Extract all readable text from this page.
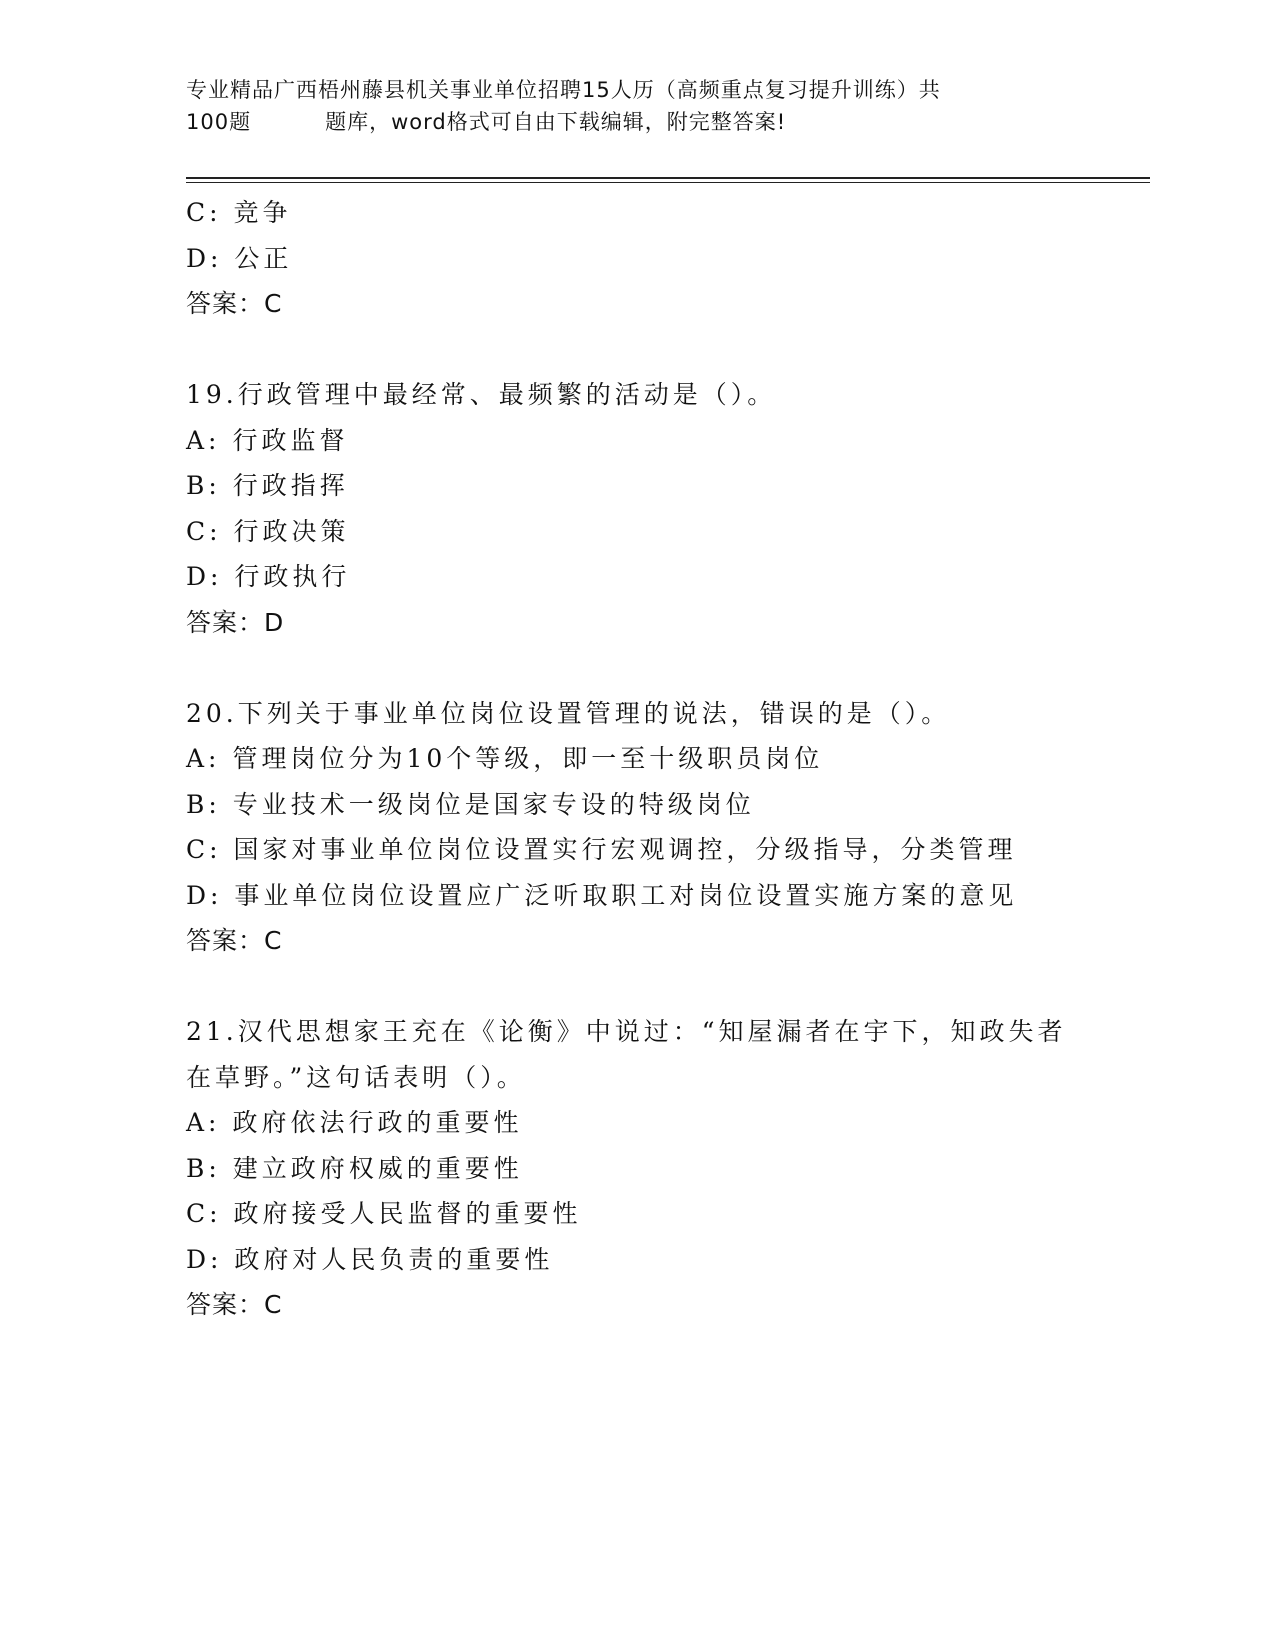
专业精品广西梧州藤县机关事业单位招聘15人历（高频重点复习提升训练）共
100题	题库，word格式可自由下载编辑，附完整答案!
C: 竞争
D: 公正
答案：C
19.行政管理中最经常、最频繁的活动是（）。
A: 行政监督
B: 行政指挥
C: 行政决策
D: 行政执行
答案：D
20.下列关于事业单位岗位设置管理的说法，错误的是（）。
A: 管理岗位分为10个等级，即一至十级职员岗位
B: 专业技术一级岗位是国家专设的特级岗位
C: 国家对事业单位岗位设置实行宏观调控，分级指导，分类管理
D: 事业单位岗位设置应广泛听取职工对岗位设置实施方案的意见
答案：C
21.汉代思想家王充在《论衡》中说过：“知屋漏者在宇下，知政失者
在草野。”这句话表明（）。
A: 政府依法行政的重要性
B: 建立政府权威的重要性
C: 政府接受人民监督的重要性
D: 政府对人民负责的重要性
答案：C
